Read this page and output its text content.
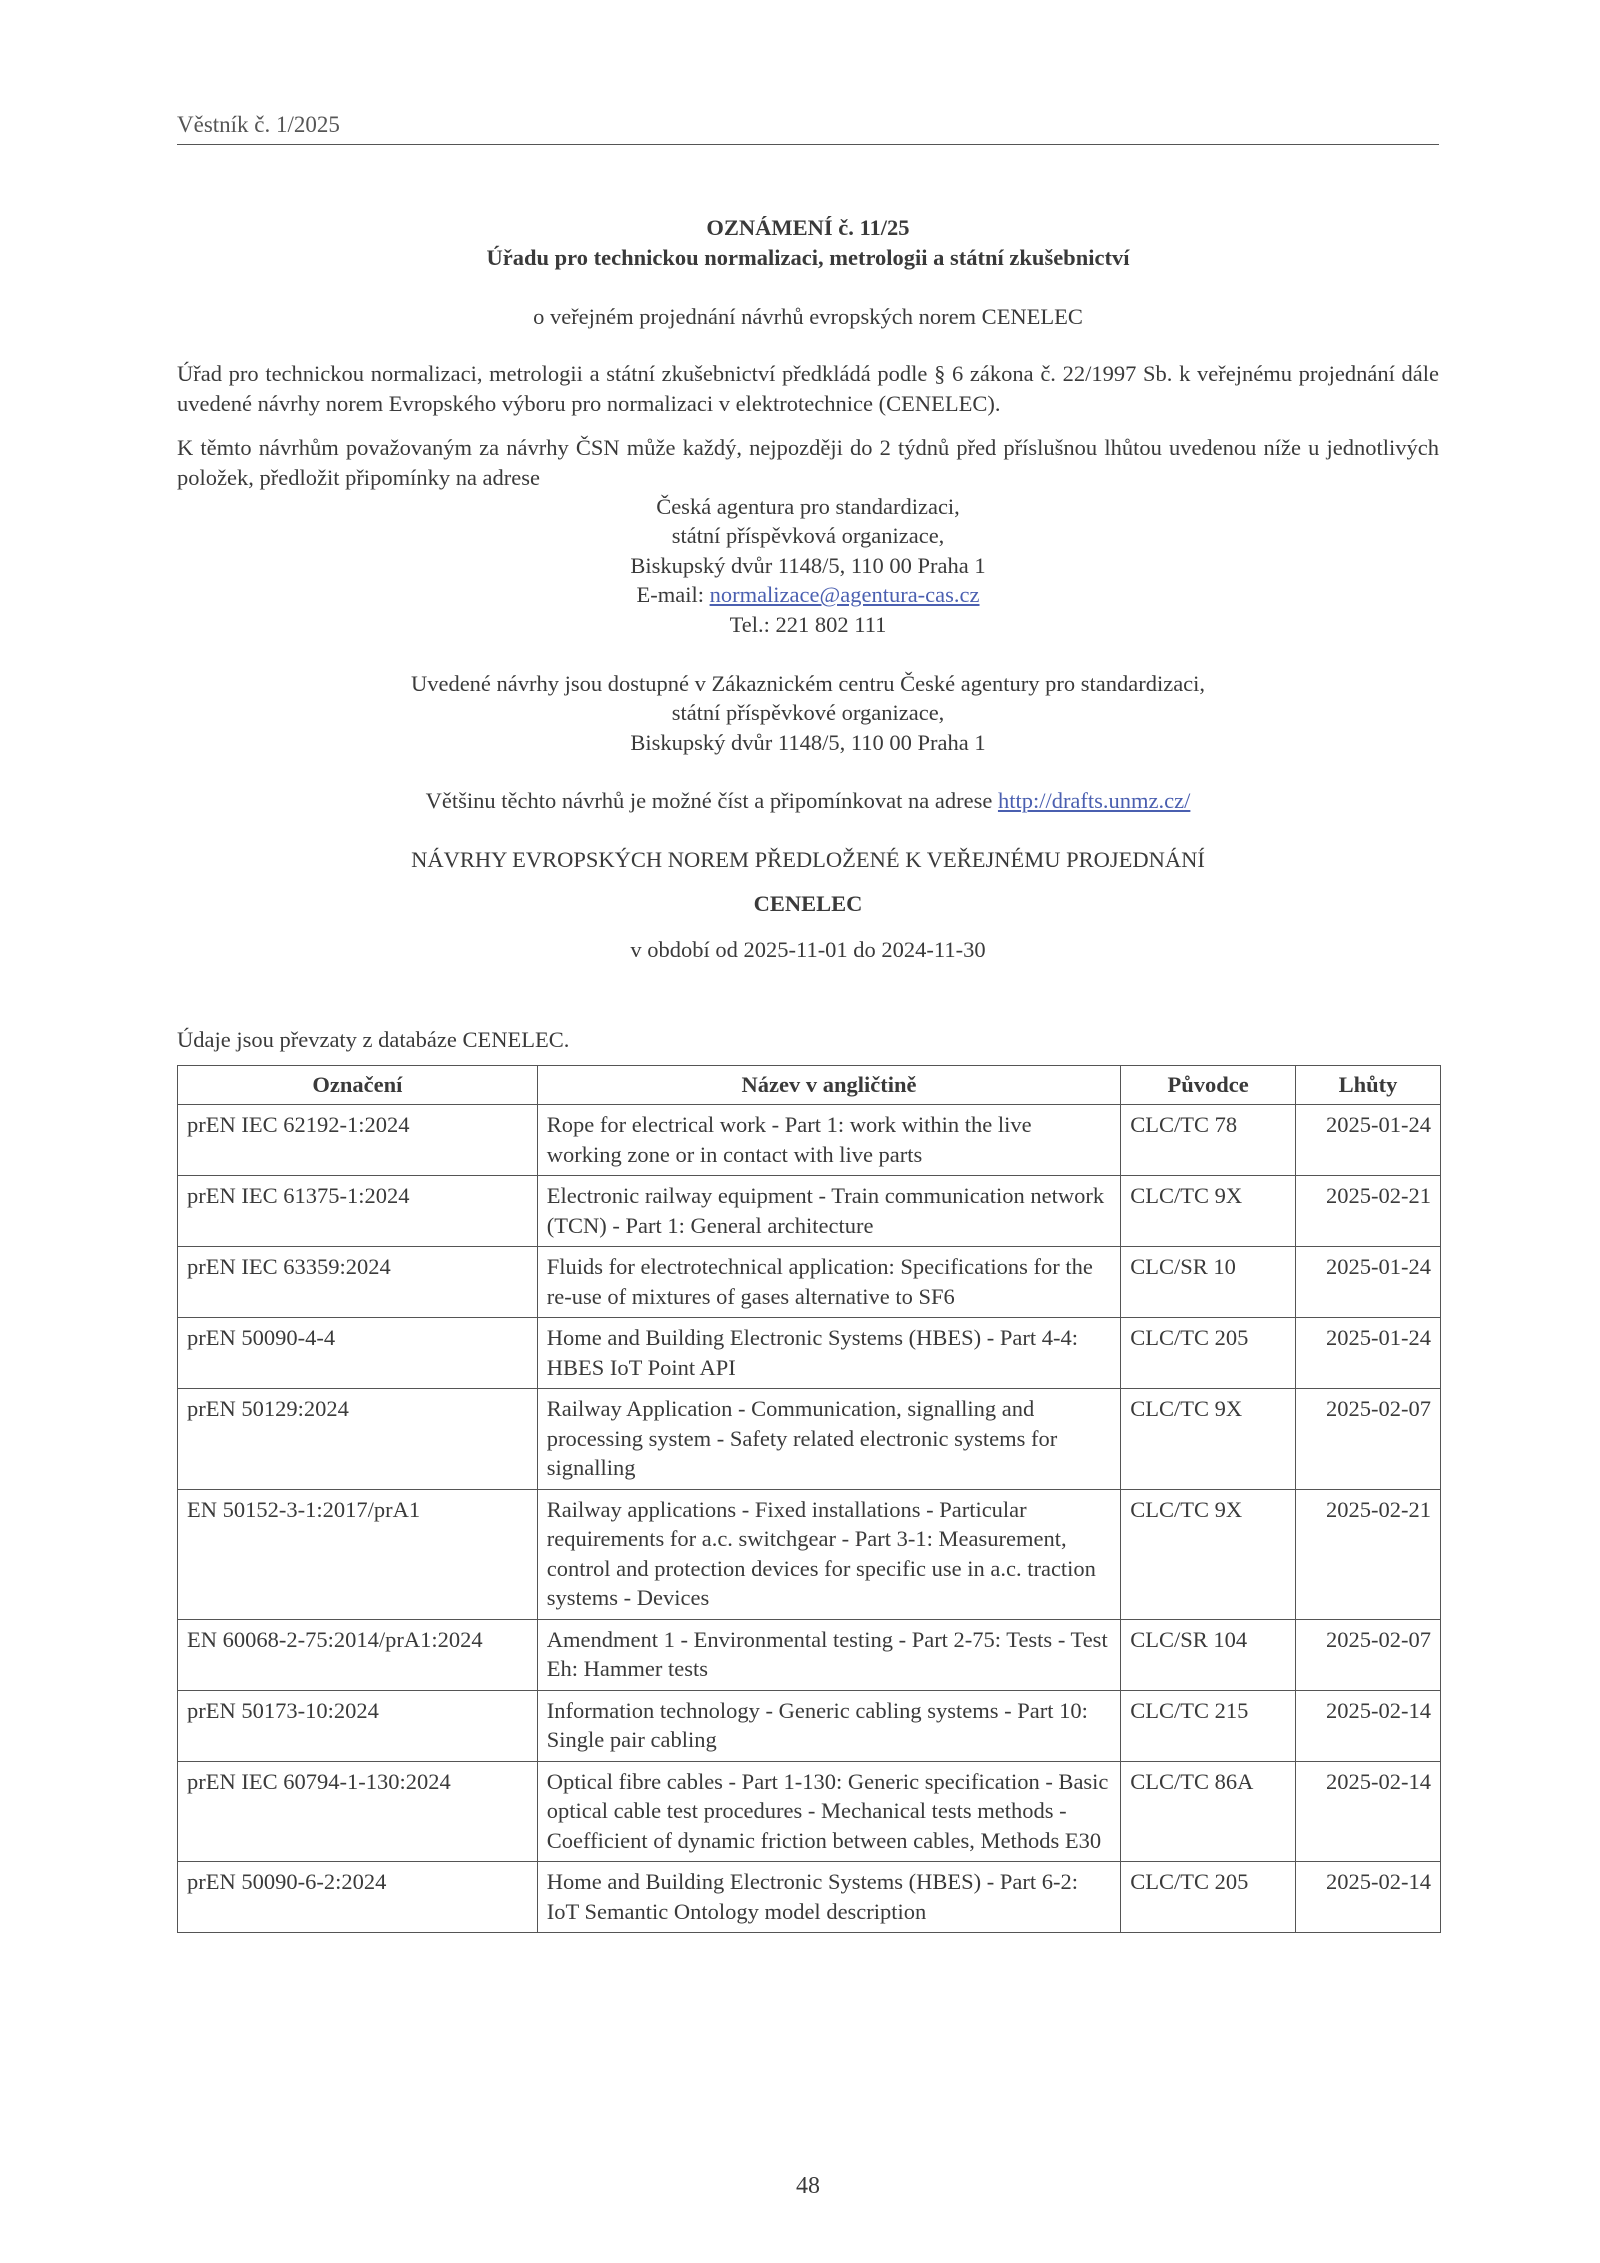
Věstník č. 1/2025
OZNÁMENÍ č. 11/25
Úřadu pro technickou normalizaci, metrologii a státní zkušebnictví
o veřejném projednání návrhů evropských norem CENELEC
Úřad pro technickou normalizaci, metrologii a státní zkušebnictví předkládá podle § 6 zákona č. 22/1997 Sb. k veřejnému projednání dále uvedené návrhy norem Evropského výboru pro normalizaci v elektrotechnice (CENELEC).
K těmto návrhům považovaným za návrhy ČSN může každý, nejpozději do 2 týdnů před příslušnou lhůtou uvedenou níže u jednotlivých položek, předložit připomínky na adrese
Česká agentura pro standardizaci,
státní příspěvková organizace,
Biskupský dvůr 1148/5, 110 00 Praha 1
E-mail: normalizace@agentura-cas.cz
Tel.: 221 802 111
Uvedené návrhy jsou dostupné v Zákaznickém centru České agentury pro standardizaci,
státní příspěvkové organizace,
Biskupský dvůr 1148/5, 110 00 Praha 1
Většinu těchto návrhů je možné číst a připomínkovat na adrese http://drafts.unmz.cz/
NÁVRHY EVROPSKÝCH NOREM PŘEDLOŽENÉ K VEŘEJNÉMU PROJEDNÁNÍ
CENELEC
v období od 2025-11-01 do 2024-11-30
Údaje jsou převzaty z databáze CENELEC.
Označení	Název v angličtině	Původce	Lhůty
prEN IEC 62192-1:2024	Rope for electrical work - Part 1: work within the live working zone or in contact with live parts	CLC/TC 78	2025-01-24
prEN IEC 61375-1:2024	Electronic railway equipment - Train communication network (TCN) - Part 1: General architecture	CLC/TC 9X	2025-02-21
prEN IEC 63359:2024	Fluids for electrotechnical application: Specifications for the re-use of mixtures of gases alternative to SF6	CLC/SR 10	2025-01-24
prEN 50090-4-4	Home and Building Electronic Systems (HBES) - Part 4-4: HBES IoT Point API	CLC/TC 205	2025-01-24
prEN 50129:2024	Railway Application - Communication, signalling and processing system - Safety related electronic systems for signalling	CLC/TC 9X	2025-02-07
EN 50152-3-1:2017/prA1	Railway applications - Fixed installations - Particular requirements for a.c. switchgear - Part 3-1: Measurement, control and protection devices for specific use in a.c. traction systems - Devices	CLC/TC 9X	2025-02-21
EN 60068-2-75:2014/prA1:2024	Amendment 1 - Environmental testing - Part 2-75: Tests - Test Eh: Hammer tests	CLC/SR 104	2025-02-07
prEN 50173-10:2024	Information technology - Generic cabling systems - Part 10: Single pair cabling	CLC/TC 215	2025-02-14
prEN IEC 60794-1-130:2024	Optical fibre cables - Part 1-130: Generic specification - Basic optical cable test procedures - Mechanical tests methods - Coefficient of dynamic friction between cables, Methods E30	CLC/TC 86A	2025-02-14
prEN 50090-6-2:2024	Home and Building Electronic Systems (HBES) - Part 6-2: IoT Semantic Ontology model description	CLC/TC 205	2025-02-14
48
